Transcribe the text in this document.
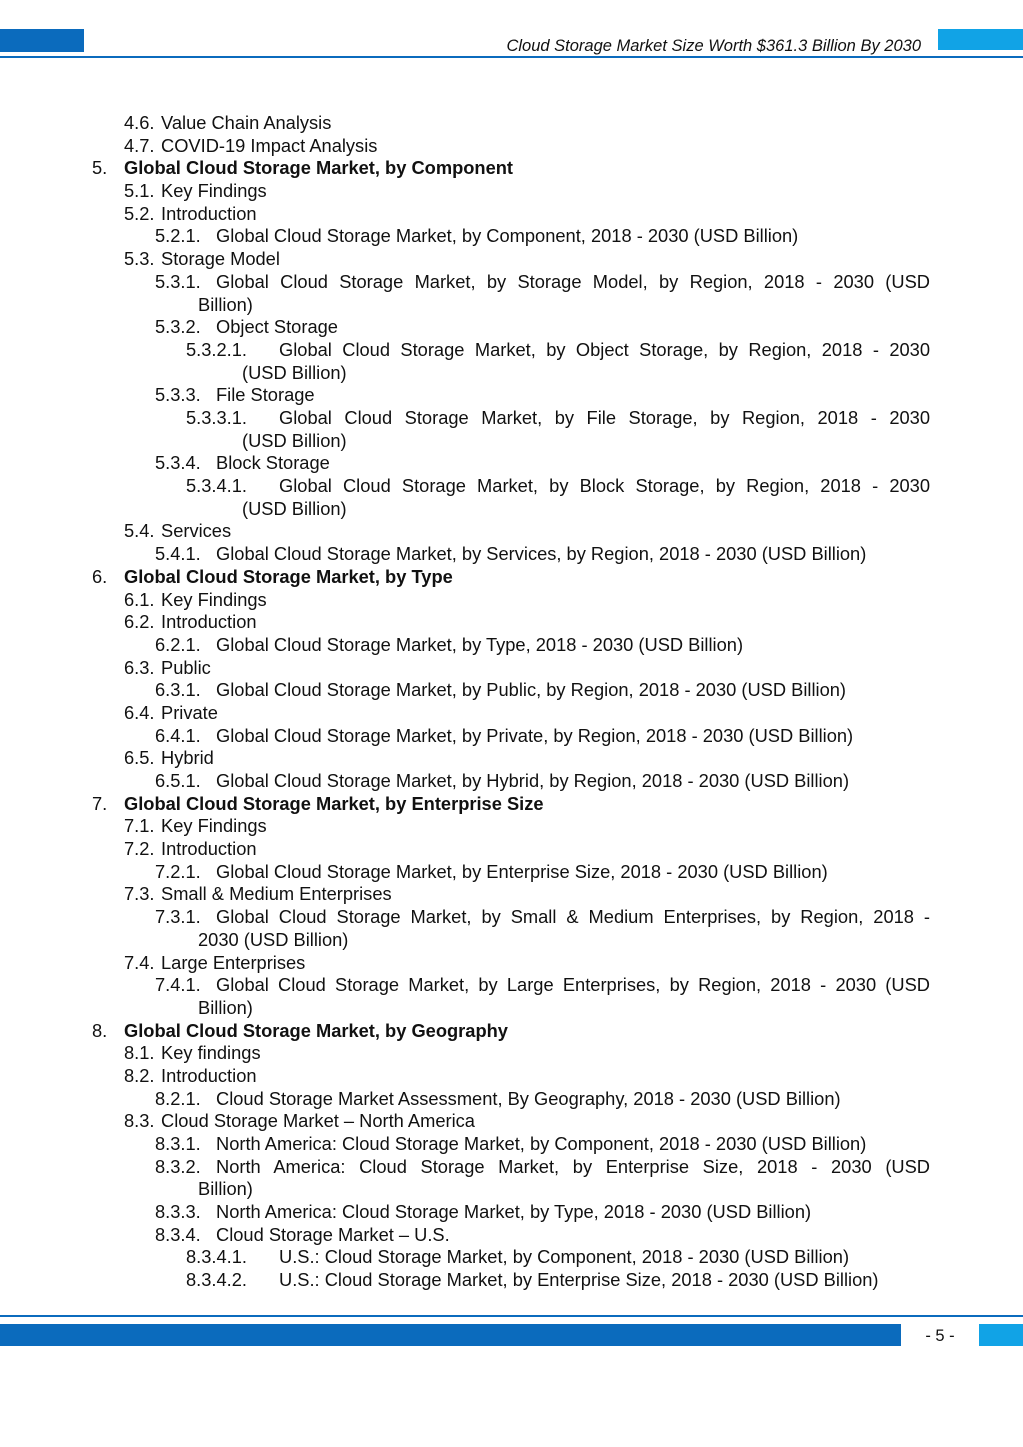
Cloud Storage Market Size Worth $361.3 Billion By 2030
4.6. Value Chain Analysis
4.7. COVID-19 Impact Analysis
5. Global Cloud Storage Market, by Component
5.1. Key Findings
5.2. Introduction
5.2.1. Global Cloud Storage Market, by Component, 2018 - 2030 (USD Billion)
5.3. Storage Model
5.3.1. Global Cloud Storage Market, by Storage Model, by Region, 2018 - 2030 (USD
Billion)
5.3.2. Object Storage
5.3.2.1. Global Cloud Storage Market, by Object Storage, by Region, 2018 - 2030
(USD Billion)
5.3.3. File Storage
5.3.3.1. Global Cloud Storage Market, by File Storage, by Region, 2018 - 2030
(USD Billion)
5.3.4. Block Storage
5.3.4.1. Global Cloud Storage Market, by Block Storage, by Region, 2018 - 2030
(USD Billion)
5.4. Services
5.4.1. Global Cloud Storage Market, by Services, by Region, 2018 - 2030 (USD Billion)
6. Global Cloud Storage Market, by Type
6.1. Key Findings
6.2. Introduction
6.2.1. Global Cloud Storage Market, by Type, 2018 - 2030 (USD Billion)
6.3. Public
6.3.1. Global Cloud Storage Market, by Public, by Region, 2018 - 2030 (USD Billion)
6.4. Private
6.4.1. Global Cloud Storage Market, by Private, by Region, 2018 - 2030 (USD Billion)
6.5. Hybrid
6.5.1. Global Cloud Storage Market, by Hybrid, by Region, 2018 - 2030 (USD Billion)
7. Global Cloud Storage Market, by Enterprise Size
7.1. Key Findings
7.2. Introduction
7.2.1. Global Cloud Storage Market, by Enterprise Size, 2018 - 2030 (USD Billion)
7.3. Small & Medium Enterprises
7.3.1. Global Cloud Storage Market, by Small & Medium Enterprises, by Region, 2018 -
2030 (USD Billion)
7.4. Large Enterprises
7.4.1. Global Cloud Storage Market, by Large Enterprises, by Region, 2018 - 2030 (USD
Billion)
8. Global Cloud Storage Market, by Geography
8.1. Key findings
8.2. Introduction
8.2.1. Cloud Storage Market Assessment, By Geography, 2018 - 2030 (USD Billion)
8.3. Cloud Storage Market – North America
8.3.1. North America: Cloud Storage Market, by Component, 2018 - 2030 (USD Billion)
8.3.2. North America: Cloud Storage Market, by Enterprise Size, 2018 - 2030 (USD
Billion)
8.3.3. North America: Cloud Storage Market, by Type, 2018 - 2030 (USD Billion)
8.3.4. Cloud Storage Market – U.S.
8.3.4.1. U.S.: Cloud Storage Market, by Component, 2018 - 2030 (USD Billion)
8.3.4.2. U.S.: Cloud Storage Market, by Enterprise Size, 2018 - 2030 (USD Billion)
- 5 -
